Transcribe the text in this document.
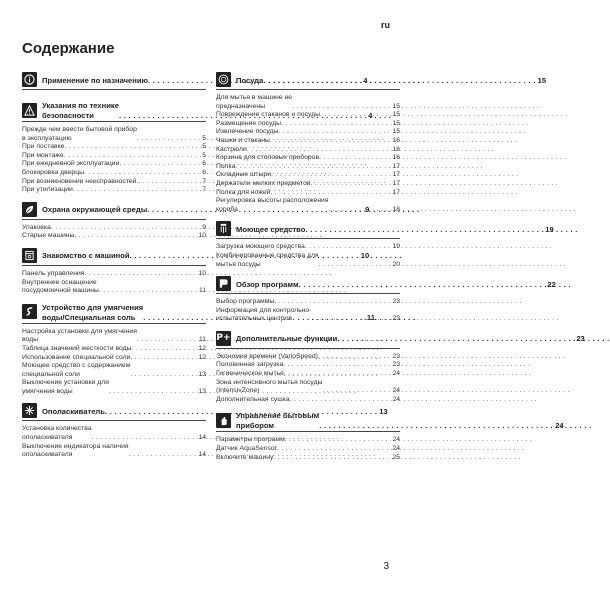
ru
Содержание
Применение по назначению . . .	4
Указания по технике
безопасности . . .	4
Прежде чем ввести бытовой прибор
в эксплуатацию . . .	5
При поставке . . .	5
При монтаже . . .	5
При ежедневной эксплуатации . . .	6
блокировка дверцы . . .	6
При возникновении неисправностей. . . .	7
При утилизации . . .	7
Охрана окружающей среды . . .	9
Упаковка . . .	9
Старые машины . . .	10
Знакомство с машиной . . .	10
Панель управления . . .	10
Внутреннее оснащение
посудомоечной машины . . .	11
Устройство для умягчения
воды/Специальная соль . . .	11
Настройка установки для умягчения
воды . . .	11
Таблица значений жесткости воды . . .	12
Использование специальной соли . . .	12
Моющее средство с содержанием
специальной соли . . .	13
Выключение установки для
умягчения воды . . .	13
Ополаскиватель . . .	13
Установка количества
ополаскивателя . . .	14
Выключение индикатора наличия
ополаскивателя . . .	14
Посуда . . .	15
Для мытья в машине не
предназначены . . .	15
Повреждение стаканов и посуды . . .	15
Размещение посуды . . .	15
Извлечение посуды . . .	15
Чашки и стаканы . . .	16
Кастрюли . . .	16
Корзина для столовых приборов . . .	16
Полка . . .	17
Складные штыри . . .	17
Держатели мелких предметов . . .	17
Полка для ножей . . .	17
Регулировка высоты расположения
короба . . .	18
Моющее средство . . .	19
Загрузка моющего средства . . .	19
Комбинированные средства для
мытья посуды . . .	20
Обзор программ . . .	22
Выбор программы . . .	23
Информация для контрольно-
испытательных центров . . .	23
P+ Дополнительные функции . . .	23
Экономия времени (VarioSpeed) . . .	23
Половинная загрузка . . .	23
Гигиеническое мытье . . .	24
Зона интенсивного мытья посуды
(IntensivZone) . . .	24
Дополнительная сушка . . .	24
Управление бытовым
прибором . . .	24
Параметры программ . . .	24
Датчик AquaSensor . . .	24
Включите машину . . .	25
3
